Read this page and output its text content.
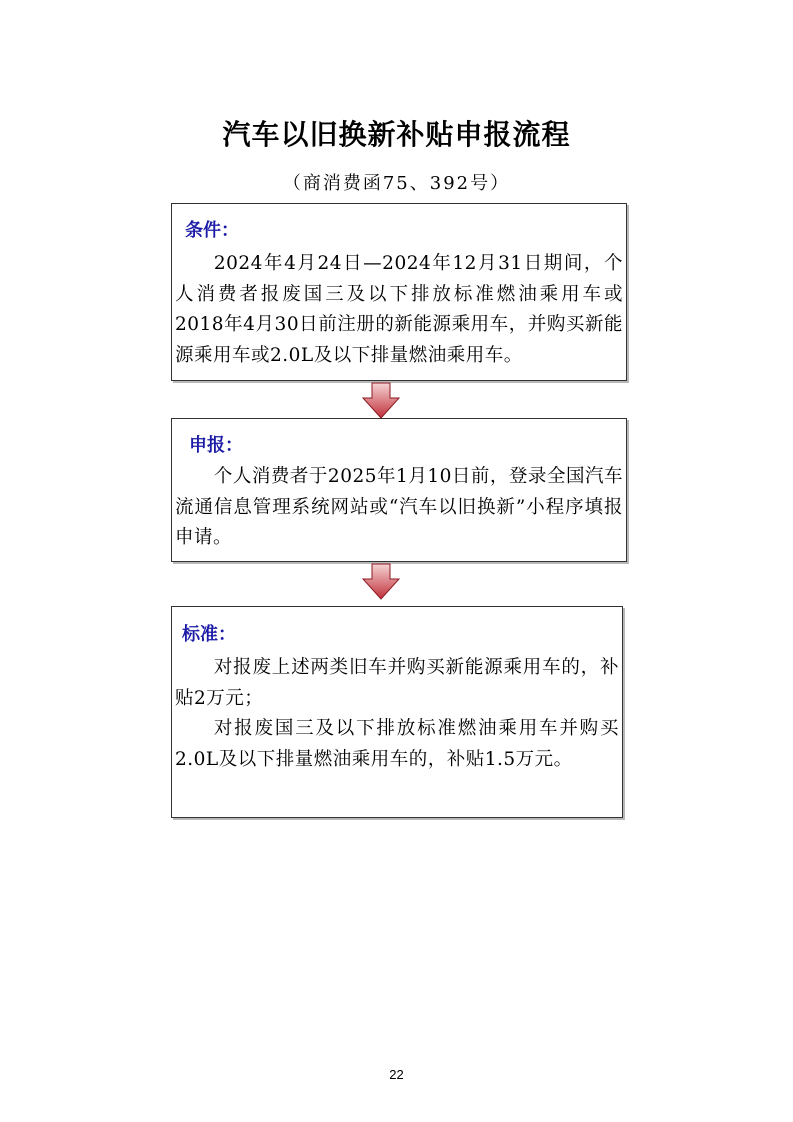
汽车以旧换新补贴申报流程
（商消费函75、392号）
条件：

2024年4月24日—2024年12月31日期间，个人消费者报废国三及以下排放标准燃油乘用车或2018年4月30日前注册的新能源乘用车，并购买新能源乘用车或2.0L及以下排量燃油乘用车。

申报：

个人消费者于2025年1月10日前，登录全国汽车流通信息管理系统网站或“汽车以旧换新”小程序填报申请。

标准：

对报废上述两类旧车并购买新能源乘用车的，补贴2万元；

对报废国三及以下排放标准燃油乘用车并购买2.0L及以下排量燃油乘用车的，补贴1.5万元。

22
